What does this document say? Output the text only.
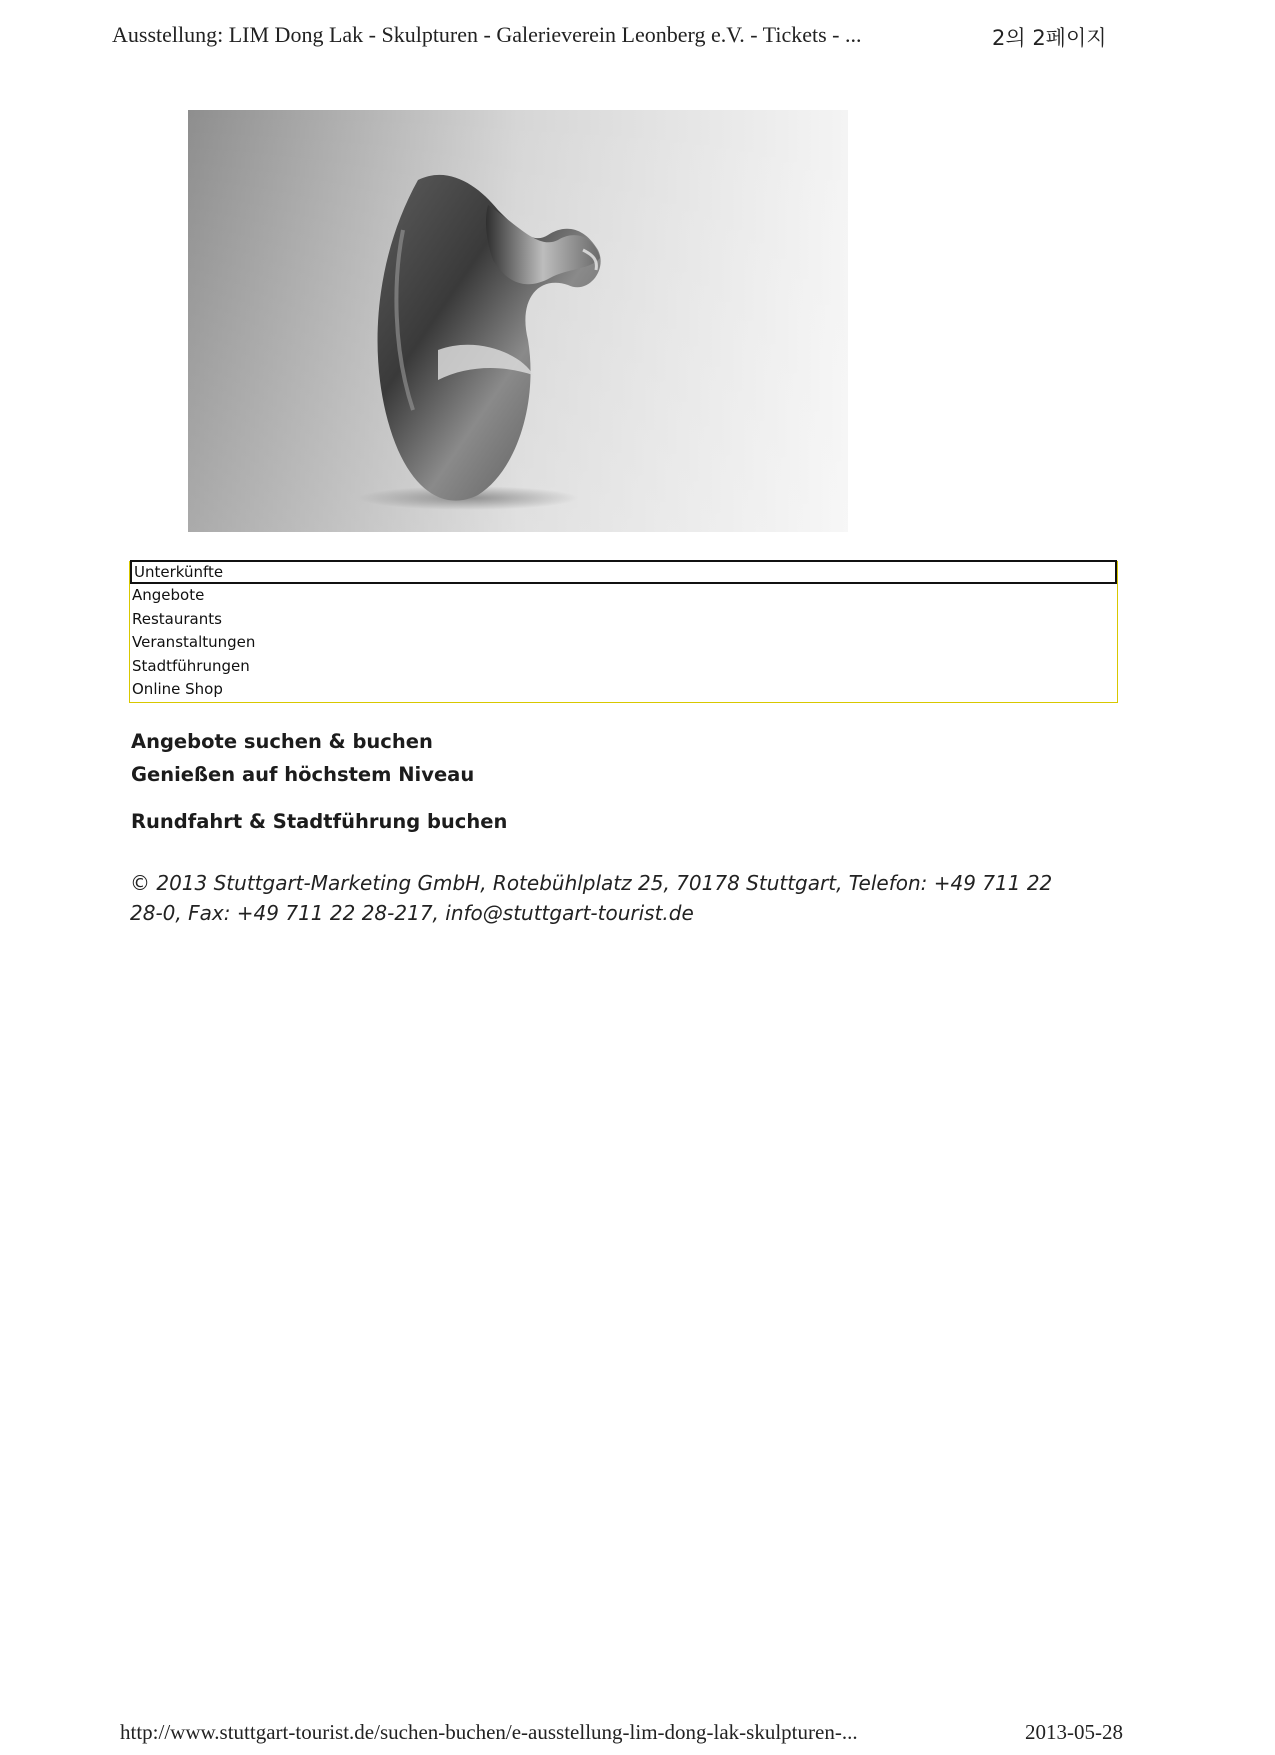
Ausstellung: LIM Dong Lak - Skulpturen - Galerieverein Leonberg e.V. - Tickets - ...	2의 2페이지
Unterkünfte
Angebote
Restaurants
Veranstaltungen
Stadtführungen
Online Shop
Angebote suchen & buchen
Genießen auf höchstem Niveau
Rundfahrt & Stadtführung buchen
© 2013 Stuttgart-Marketing GmbH, Rotebühlplatz 25, 70178 Stuttgart, Telefon: +49 711 22 28-0, Fax: +49 711 22 28-217, info@stuttgart-tourist.de
http://www.stuttgart-tourist.de/suchen-buchen/e-ausstellung-lim-dong-lak-skulpturen-...	2013-05-28
